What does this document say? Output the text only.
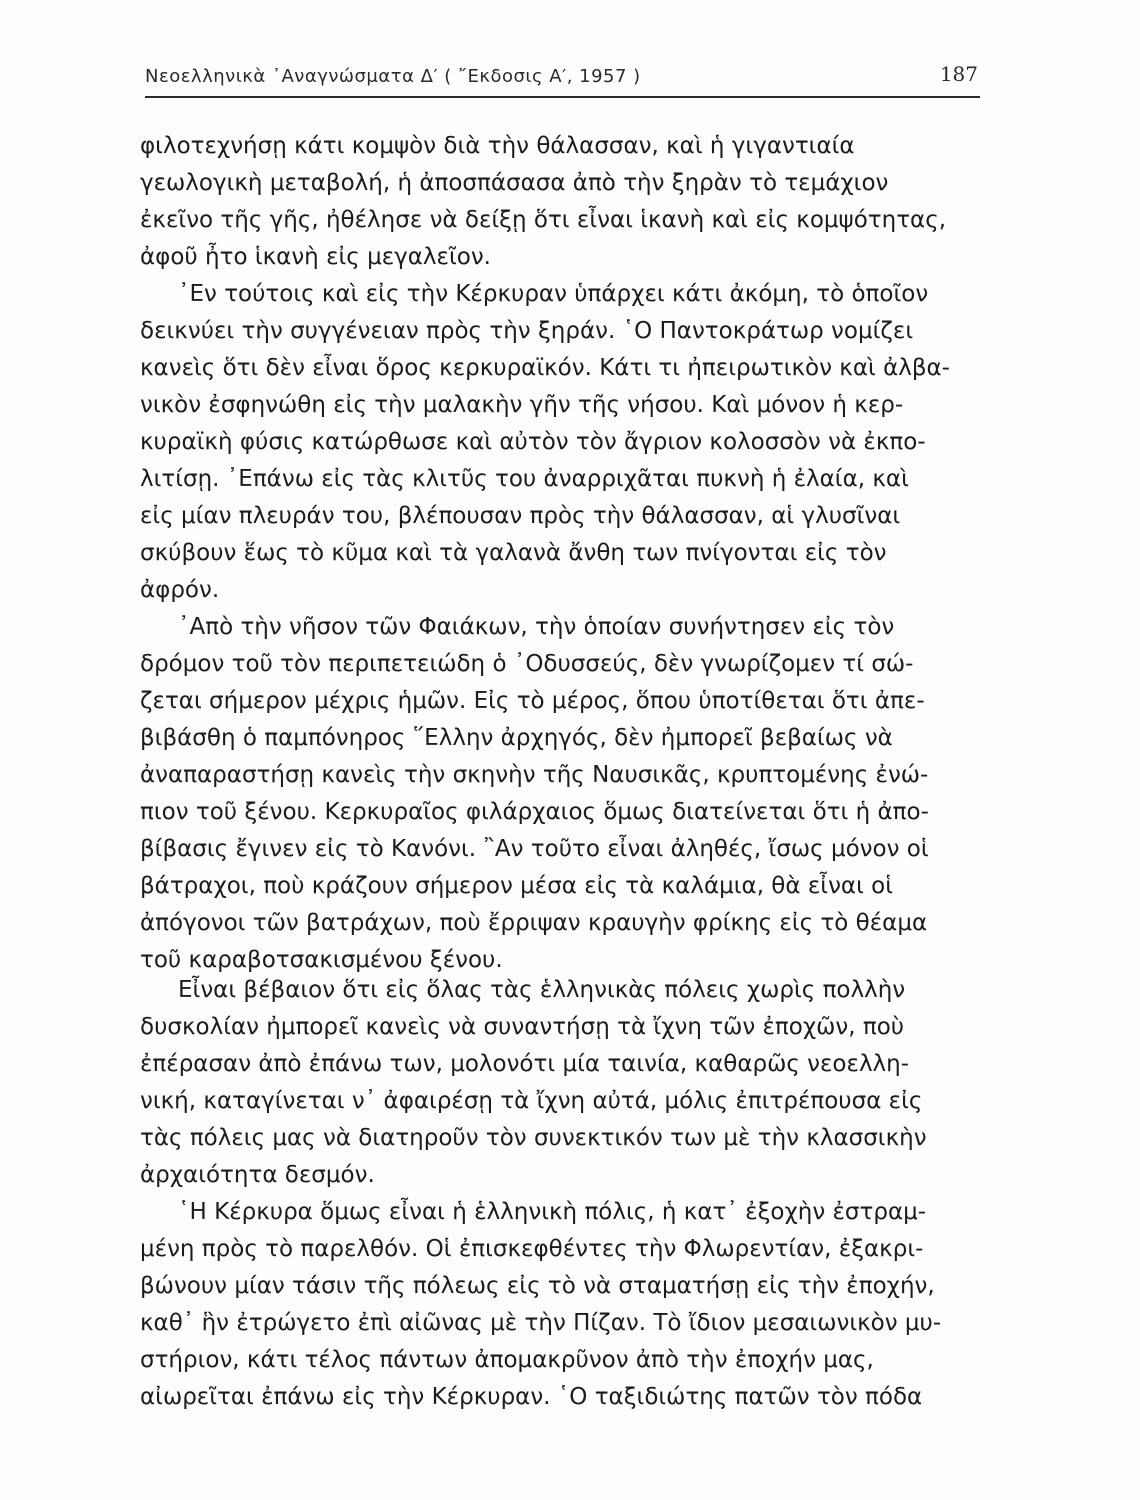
Νεοελληνικὰ ᾽Αναγνώσματα Δ′ ( ῎Εκδοσις Α′, 1957 )	187
φιλοτεχνήσῃ κάτι κομψὸν διὰ τὴν θάλασσαν, καὶ ἡ γιγαντιαία
γεωλογικὴ μεταβολή, ἡ ἀποσπάσασα ἀπὸ τὴν ξηρὰν τὸ τεμάχιον
ἐκεῖνο τῆς γῆς, ἠθέλησε νὰ δείξῃ ὅτι εἶναι ἱκανὴ καὶ εἰς κομψότητας,
ἀφοῦ ἦτο ἱκανὴ εἰς μεγαλεῖον.
᾽Εν τούτοις καὶ εἰς τὴν Κέρκυραν ὑπάρχει κάτι ἀκόμη, τὸ ὁποῖον
δεικνύει τὴν συγγένειαν πρὸς τὴν ξηράν. ῾Ο Παντοκράτωρ νομίζει
κανεὶς ὅτι δὲν εἶναι ὅρος κερκυραϊκόν. Κάτι τι ἠπειρωτικὸν καὶ ἀλβα-
νικὸν ἐσφηνώθη εἰς τὴν μαλακὴν γῆν τῆς νήσου. Καὶ μόνον ἡ κερ-
κυραϊκὴ φύσις κατώρθωσε καὶ αὐτὸν τὸν ἄγριον κολοσσὸν νὰ ἐκπο-
λιτίσῃ. ᾽Επάνω εἰς τὰς κλιτῦς του ἀναρριχᾶται πυκνὴ ἡ ἐλαία, καὶ
εἰς μίαν πλευράν του, βλέπουσαν πρὸς τὴν θάλασσαν, αἱ γλυσῖναι
σκύβουν ἕως τὸ κῦμα καὶ τὰ γαλανὰ ἄνθη των πνίγονται εἰς τὸν
ἀφρόν.
᾽Απὸ τὴν νῆσον τῶν Φαιάκων, τὴν ὁποίαν συνήντησεν εἰς τὸν
δρόμον τοῦ τὸν περιπετειώδη ὁ ᾽Οδυσσεύς, δὲν γνωρίζομεν τί σώ-
ζεται σήμερον μέχρις ἡμῶν. Εἰς τὸ μέρος, ὅπου ὑποτίθεται ὅτι ἀπε-
βιβάσθη ὁ παμπόνηρος ῞Ελλην ἀρχηγός, δὲν ἠμπορεῖ βεβαίως νὰ
ἀναπαραστήσῃ κανεὶς τὴν σκηνὴν τῆς Ναυσικᾶς, κρυπτομένης ἐνώ-
πιον τοῦ ξένου. Κερκυραῖος φιλάρχαιος ὅμως διατείνεται ὅτι ἡ ἀπο-
βίβασις ἔγινεν εἰς τὸ Κανόνι. ῍Αν τοῦτο εἶναι ἀληθές, ἴσως μόνον οἱ
βάτραχοι, ποὺ κράζουν σήμερον μέσα εἰς τὰ καλάμια, θὰ εἶναι οἱ
ἀπόγονοι τῶν βατράχων, ποὺ ἔρριψαν κραυγὴν φρίκης εἰς τὸ θέαμα
τοῦ καραβοτσακισμένου ξένου.
Εἶναι βέβαιον ὅτι εἰς ὅλας τὰς ἑλληνικὰς πόλεις χωρὶς πολλὴν
δυσκολίαν ἠμπορεῖ κανεὶς νὰ συναντήσῃ τὰ ἴχνη τῶν ἐποχῶν, ποὺ
ἐπέρασαν ἀπὸ ἐπάνω των, μολονότι μία ταινία, καθαρῶς νεοελλη-
νική, καταγίνεται ν᾽ ἀφαιρέσῃ τὰ ἴχνη αὐτά, μόλις ἐπιτρέπουσα εἰς
τὰς πόλεις μας νὰ διατηροῦν τὸν συνεκτικόν των μὲ τὴν κλασσικὴν
ἀρχαιότητα δεσμόν.
῾Η Κέρκυρα ὅμως εἶναι ἡ ἑλληνικὴ πόλις, ἡ κατ᾽ ἐξοχὴν ἐστραμ-
μένη πρὸς τὸ παρελθόν. Οἱ ἐπισκεφθέντες τὴν Φλωρεντίαν, ἐξακρι-
βώνουν μίαν τάσιν τῆς πόλεως εἰς τὸ νὰ σταματήσῃ εἰς τὴν ἐποχήν,
καθ᾽ ἣν ἐτρώγετο ἐπὶ αἰῶνας μὲ τὴν Πίζαν. Τὸ ἴδιον μεσαιωνικὸν μυ-
στήριον, κάτι τέλος πάντων ἀπομακρῦνον ἀπὸ τὴν ἐποχήν μας,
αἰωρεῖται ἐπάνω εἰς τὴν Κέρκυραν. ῾Ο ταξιδιώτης πατῶν τὸν πόδα
